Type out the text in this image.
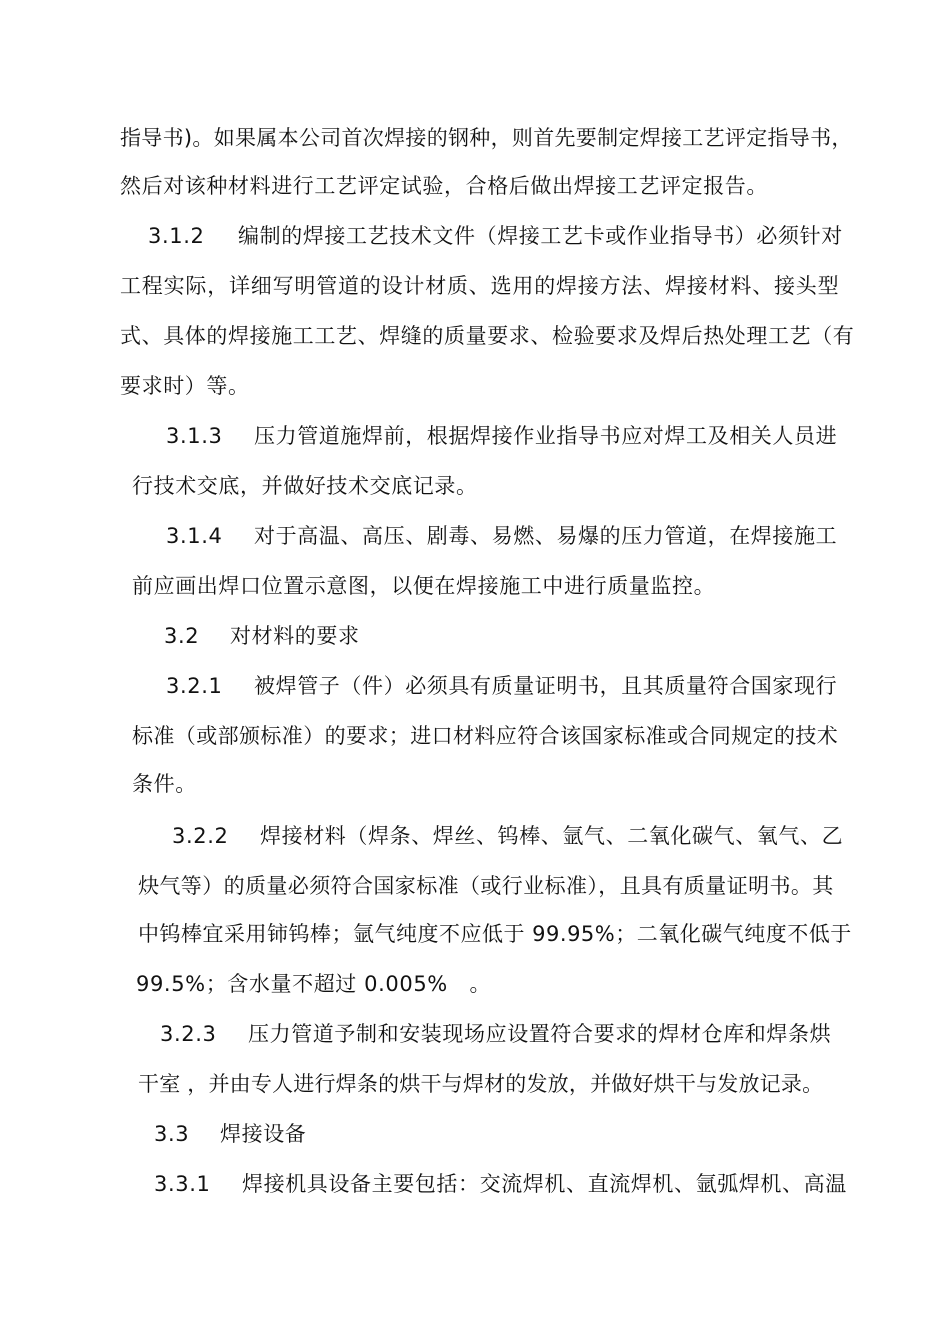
指导书)。如果属本公司首次焊接的钢种，则首先要制定焊接工艺评定指导书，

然后对该种材料进行工艺评定试验，合格后做出焊接工艺评定报告。

3.1.2 编制的焊接工艺技术文件（焊接工艺卡或作业指导书）必须针对

工程实际，详细写明管道的设计材质、选用的焊接方法、焊接材料、接头型

式、具体的焊接施工工艺、焊缝的质量要求、检验要求及焊后热处理工艺（有

要求时）等。

3.1.3 压力管道施焊前，根据焊接作业指导书应对焊工及相关人员进

行技术交底，并做好技术交底记录。

3.1.4 对于高温、高压、剧毒、易燃、易爆的压力管道，在焊接施工

前应画出焊口位置示意图，以便在焊接施工中进行质量监控。

3.2 对材料的要求

3.2.1 被焊管子（件）必须具有质量证明书，且其质量符合国家现行

标准（或部颁标准）的要求；进口材料应符合该国家标准或合同规定的技术

条件。

3.2.2 焊接材料（焊条、焊丝、钨棒、氩气、二氧化碳气、氧气、乙

炔气等）的质量必须符合国家标准（或行业标准），且具有质量证明书。其

中钨棒宜采用铈钨棒；氩气纯度不应低于 99.95%；二氧化碳气纯度不低于

99.5%；含水量不超过 0.005%　。

3.2.3 压力管道予制和安装现场应设置符合要求的焊材仓库和焊条烘

干室 ，并由专人进行焊条的烘干与焊材的发放，并做好烘干与发放记录。

3.3 焊接设备

3.3.1 焊接机具设备主要包括：交流焊机、直流焊机、氩弧焊机、高温
